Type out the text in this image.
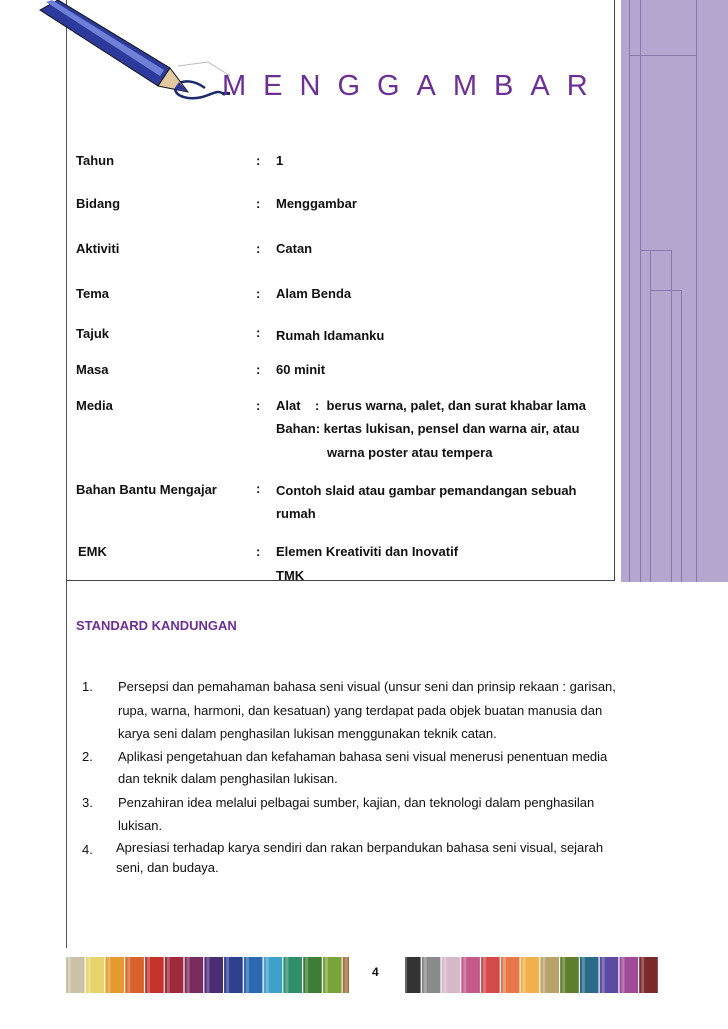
MENGGAMBAR
Tahun	: 1
Bidang	: Menggambar
Aktiviti	: Catan
Tema	: Alam Benda
Tajuk	: Rumah Idamanku
Masa	: 60 minit
Media	: Alat    :  berus warna, palet, dan surat khabar lama
Bahan: kertas lukisan, pensel dan warna air, atau
warna poster atau tempera
Bahan Bantu Mengajar	: Contoh slaid atau gambar pemandangan sebuah
rumah
EMK	: Elemen Kreativiti dan Inovatif
TMK
STANDARD KANDUNGAN
1. Persepsi dan pemahaman bahasa seni visual (unsur seni dan prinsip rekaan : garisan,
rupa, warna, harmoni, dan kesatuan) yang terdapat pada objek buatan manusia dan
karya seni dalam penghasilan lukisan menggunakan teknik catan.
2. Aplikasi pengetahuan dan kefahaman bahasa seni visual menerusi penentuan media
dan teknik dalam penghasilan lukisan.
3. Penzahiran idea melalui pelbagai sumber, kajian, dan teknologi dalam penghasilan
lukisan.
4. Apresiasi terhadap karya sendiri dan rakan berpandukan bahasa seni visual, sejarah
seni, dan budaya.
4
